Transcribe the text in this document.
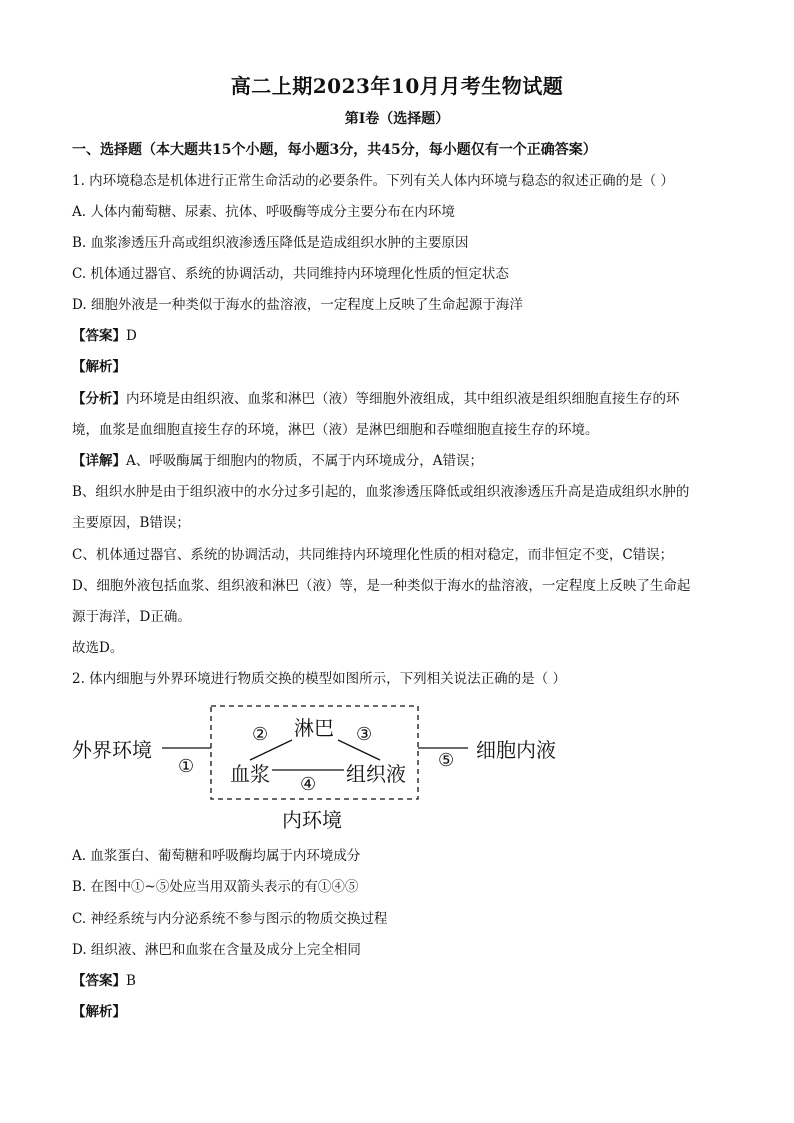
高二上期2023年10月月考生物试题
第I卷（选择题）
一、选择题（本大题共15个小题，每小题3分，共45分，每小题仅有一个正确答案）
1. 内环境稳态是机体进行正常生命活动的必要条件。下列有关人体内环境与稳态的叙述正确的是（ ）
A. 人体内葡萄糖、尿素、抗体、呼吸酶等成分主要分布在内环境
B. 血浆渗透压升高或组织液渗透压降低是造成组织水肿的主要原因
C. 机体通过器官、系统的协调活动，共同维持内环境理化性质的恒定状态
D. 细胞外液是一种类似于海水的盐溶液，一定程度上反映了生命起源于海洋
【答案】D
【解析】
【分析】内环境是由组织液、血浆和淋巴（液）等细胞外液组成，其中组织液是组织细胞直接生存的环
境，血浆是血细胞直接生存的环境，淋巴（液）是淋巴细胞和吞噬细胞直接生存的环境。
【详解】A、呼吸酶属于细胞内的物质，不属于内环境成分，A错误；
B、组织水肿是由于组织液中的水分过多引起的，血浆渗透压降低或组织液渗透压升高是造成组织水肿的
主要原因，B错误；
C、机体通过器官、系统的协调活动，共同维持内环境理化性质的相对稳定，而非恒定不变，C错误；
D、细胞外液包括血浆、组织液和淋巴（液）等，是一种类似于海水的盐溶液，一定程度上反映了生命起
源于海洋，D正确。
故选D。
2. 体内细胞与外界环境进行物质交换的模型如图所示，下列相关说法正确的是（ ）
外界环境
淋巴
血浆	组织液
细胞内液
内环境
①
②	③
④
⑤
A. 血浆蛋白、葡萄糖和呼吸酶均属于内环境成分
B. 在图中①~⑤处应当用双箭头表示的有①④⑤
C. 神经系统与内分泌系统不参与图示的物质交换过程
D. 组织液、淋巴和血浆在含量及成分上完全相同
【答案】B
【解析】
